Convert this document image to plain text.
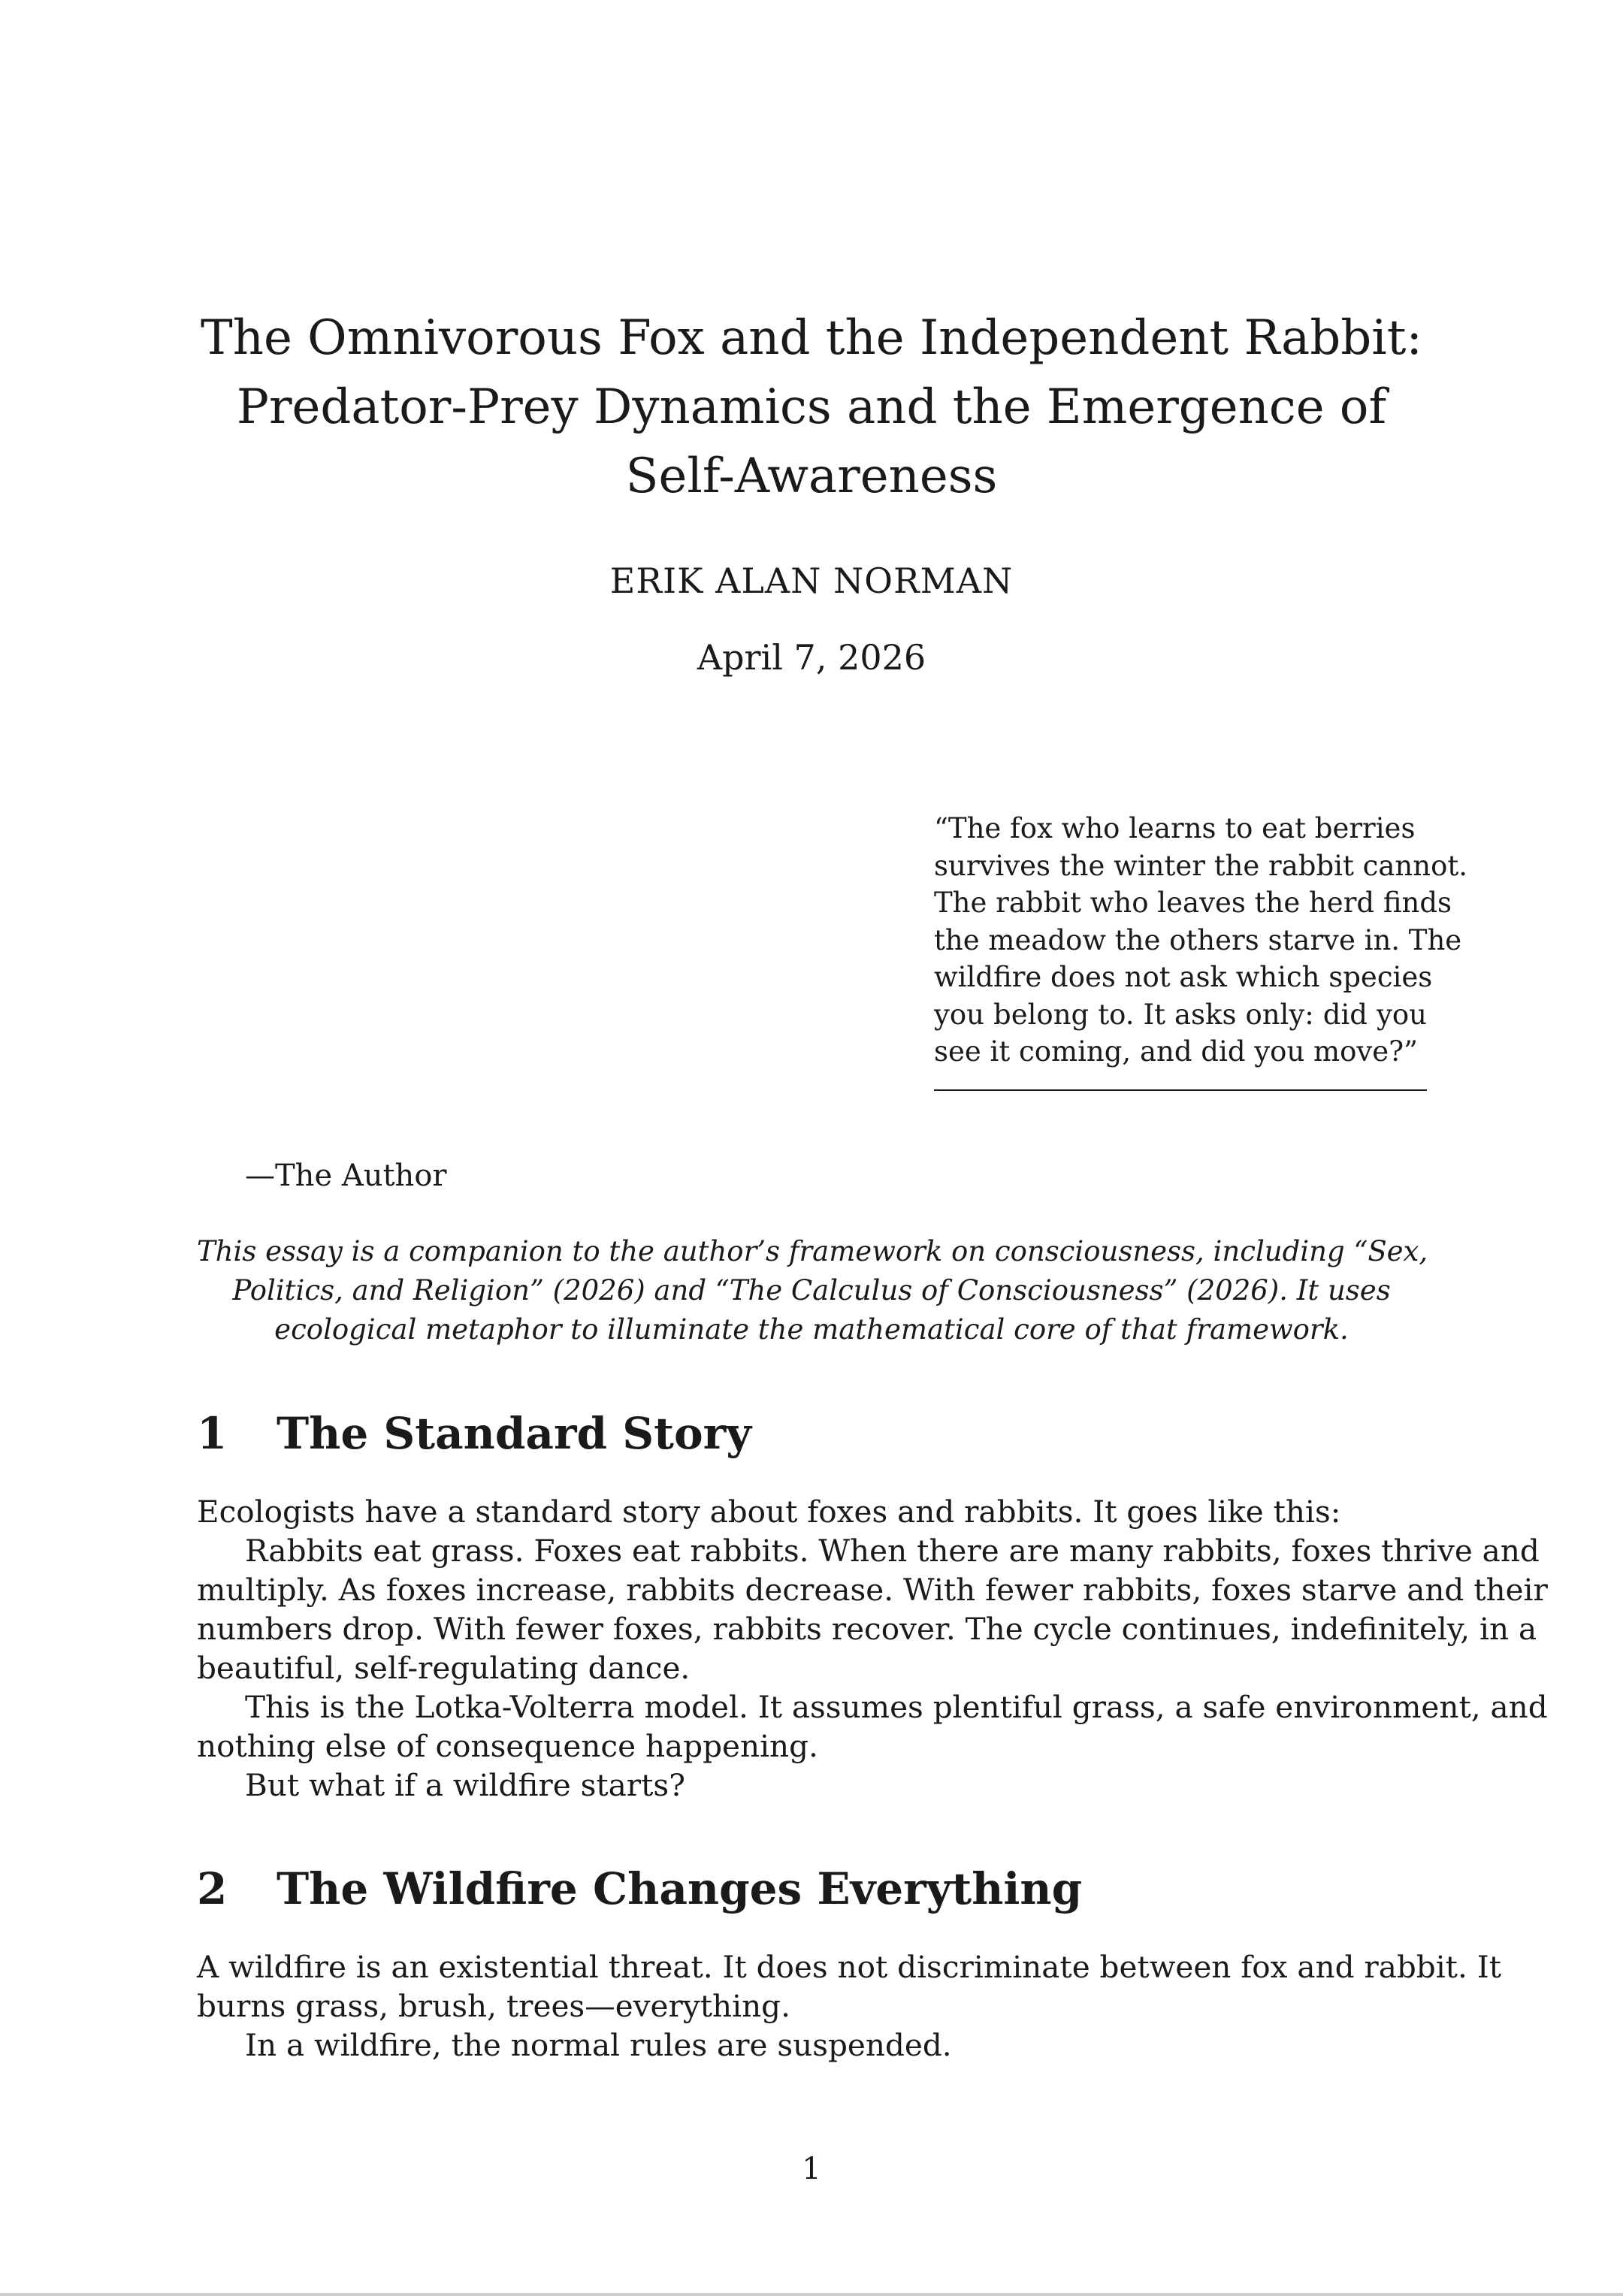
The Omnivorous Fox and the Independent Rabbit:

Predator-Prey Dynamics and the Emergence of

Self-Awareness

ERIK ALAN NORMAN
April 7, 2026

“The fox who learns to eat berries

survives the winter the rabbit cannot.

The rabbit who leaves the herd finds

the meadow the others starve in. The

wildfire does not ask which species

you belong to. It asks only: did you

see it coming, and did you move?”

—The Author

This essay is a companion to the author’s framework on consciousness, including “Sex,

Politics, and Religion” (2026) and “The Calculus of Consciousness” (2026). It uses

ecological metaphor to illuminate the mathematical core of that framework.

1 The Standard Story

Ecologists have a standard story about foxes and rabbits. It goes like this:

Rabbits eat grass. Foxes eat rabbits. When there are many rabbits, foxes thrive and

multiply. As foxes increase, rabbits decrease. With fewer rabbits, foxes starve and their

numbers drop. With fewer foxes, rabbits recover. The cycle continues, indefinitely, in a

beautiful, self-regulating dance.

This is the Lotka-Volterra model. It assumes plentiful grass, a safe environment, and

nothing else of consequence happening.

But what if a wildfire starts?

2 The Wildfire Changes Everything

A wildfire is an existential threat. It does not discriminate between fox and rabbit. It

burns grass, brush, trees—everything.

In a wildfire, the normal rules are suspended.

1
